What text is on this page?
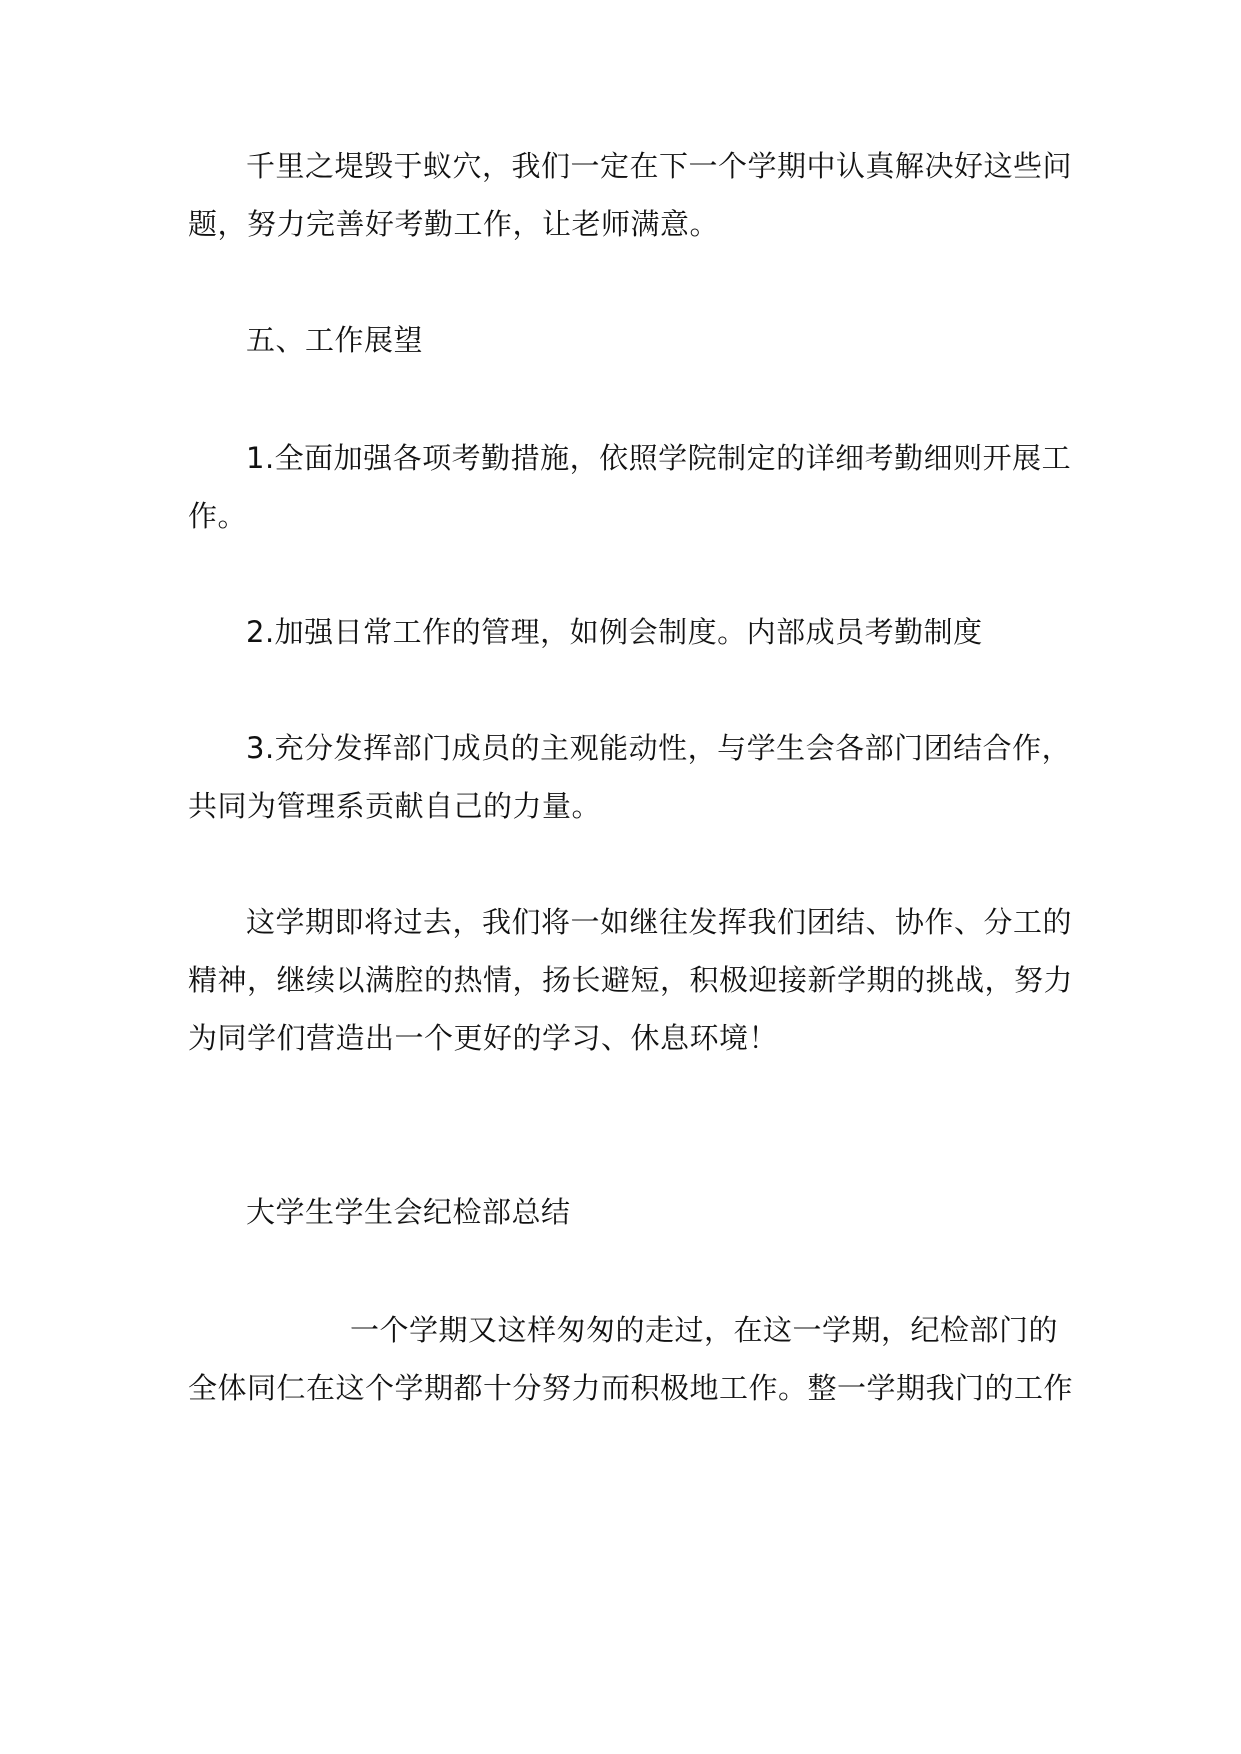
千里之堤毁于蚁穴，我们一定在下一个学期中认真解决好这些问
题，努力完善好考勤工作，让老师满意。
五、工作展望
1.全面加强各项考勤措施，依照学院制定的详细考勤细则开展工
作。
2.加强日常工作的管理，如例会制度。内部成员考勤制度
3.充分发挥部门成员的主观能动性，与学生会各部门团结合作，
共同为管理系贡献自己的力量。
这学期即将过去，我们将一如继往发挥我们团结、协作、分工的
精神，继续以满腔的热情，扬长避短，积极迎接新学期的挑战，努力
为同学们营造出一个更好的学习、休息环境！
大学生学生会纪检部总结
一个学期又这样匆匆的走过，在这一学期，纪检部门的
全体同仁在这个学期都十分努力而积极地工作。整一学期我门的工作
